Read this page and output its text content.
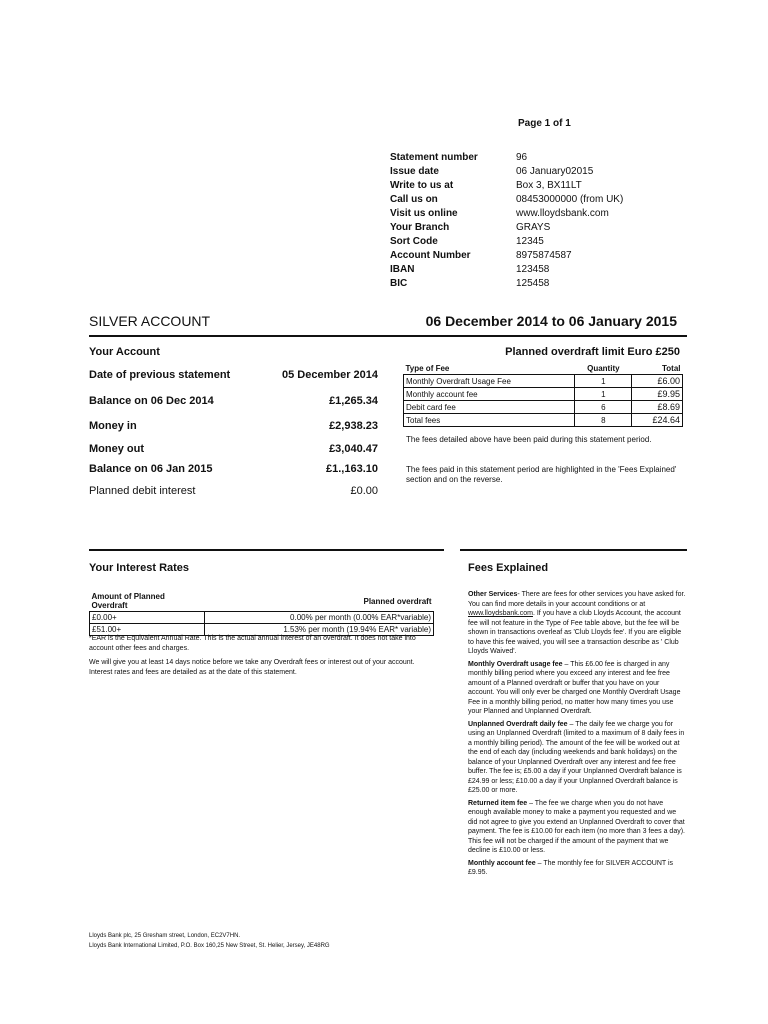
Page 1 of 1
Statement number	96
Issue date	06 January02015
Write to us at	Box 3, BX11LT
Call us on	08453000000 (from UK)
Visit us online	www.lloydsbank.com
Your Branch	GRAYS
Sort Code	12345
Account Number	8975874587
IBAN	123458
BIC	125458
SILVER ACCOUNT	06 December 2014 to 06 January 2015
Your Account
Date of previous statement	05 December 2014
Balance on 06 Dec 2014	£1,265.34
Money in	£2,938.23
Money out	£3,040.47
Balance on 06 Jan 2015	£1.,163.10
Planned debit interest	£0.00
Planned overdraft limit Euro £250
Type of Fee	Quantity	Total
Monthly Overdraft Usage Fee	1	£6.00
Monthly account fee	1	£9.95
Debit card fee	6	£8.69
Total fees	8	£24.64
The fees detailed above have been paid during this statement period.
The fees paid in this statement period are highlighted in the 'Fees Explained' section and on the reverse.
Your Interest Rates	Fees Explained
Amount of Planned Overdraft	Planned overdraft
£0.00+	0.00% per month (0.00% EAR*variable)
£51.00+	1.53% per month (19.94% EAR* variable)
*EAR is the Equivalent Annual Rate. This is the actual annual interest of an overdraft. It does not take into account other fees and charges.
We will give you at least 14 days notice before we take any Overdraft fees or interest out of your account. Interest rates and fees are detailed as at the date of this statement.

Other Services- There are fees for other services you have asked for. You can find more details in your account conditions or at www.lloydsbank.com. If you have a club Lloyds Account, the account fee will not feature in the Type of Fee table above, but the fee will be shown in transactions overleaf as 'Club Lloyds fee'. If you are eligible to have this fee waived, you will see a transaction describe as ' Club Lloyds Waived'.

Monthly Overdraft usage fee – This £6.00 fee is charged in any monthly billing period where you exceed any interest and fee free amount of a Planned overdraft or buffer that you have on your account. You will only ever be charged one Monthly Overdraft Usage Fee in a monthly billing period, no matter how many times you use your Planned and Unplanned Overdraft.

Unplanned Overdraft daily fee – The daily fee we charge you for using an Unplanned Overdraft (limited to a maximum of 8 daily fees in a monthly billing period). The amount of the fee will be worked out at the end of each day (including weekends and bank holidays) on the balance of your Unplanned Overdraft over any interest and fee free buffer. The fee is; £5.00 a day if your Unplanned Overdraft balance is £24.99 or less; £10.00 a day if your Unplanned Overdraft balance is £25.00 or more.

Returned item fee – The fee we charge when you do not have enough available money to make a payment you requested and we did not agree to give you extend an Unplanned Overdraft to cover that payment. The fee is £10.00 for each item (no more than 3 fees a day). This fee will not be charged if the amount of the payment that we decline is £10.00 or less.

Monthly account fee – The monthly fee for SILVER ACCOUNT is £9.95.

Lloyds Bank plc, 25 Gresham street, London, EC2V7HN.
Lloyds Bank International Limited, P.O. Box 160,25 New Street, St. Helier, Jersey, JE48RG
